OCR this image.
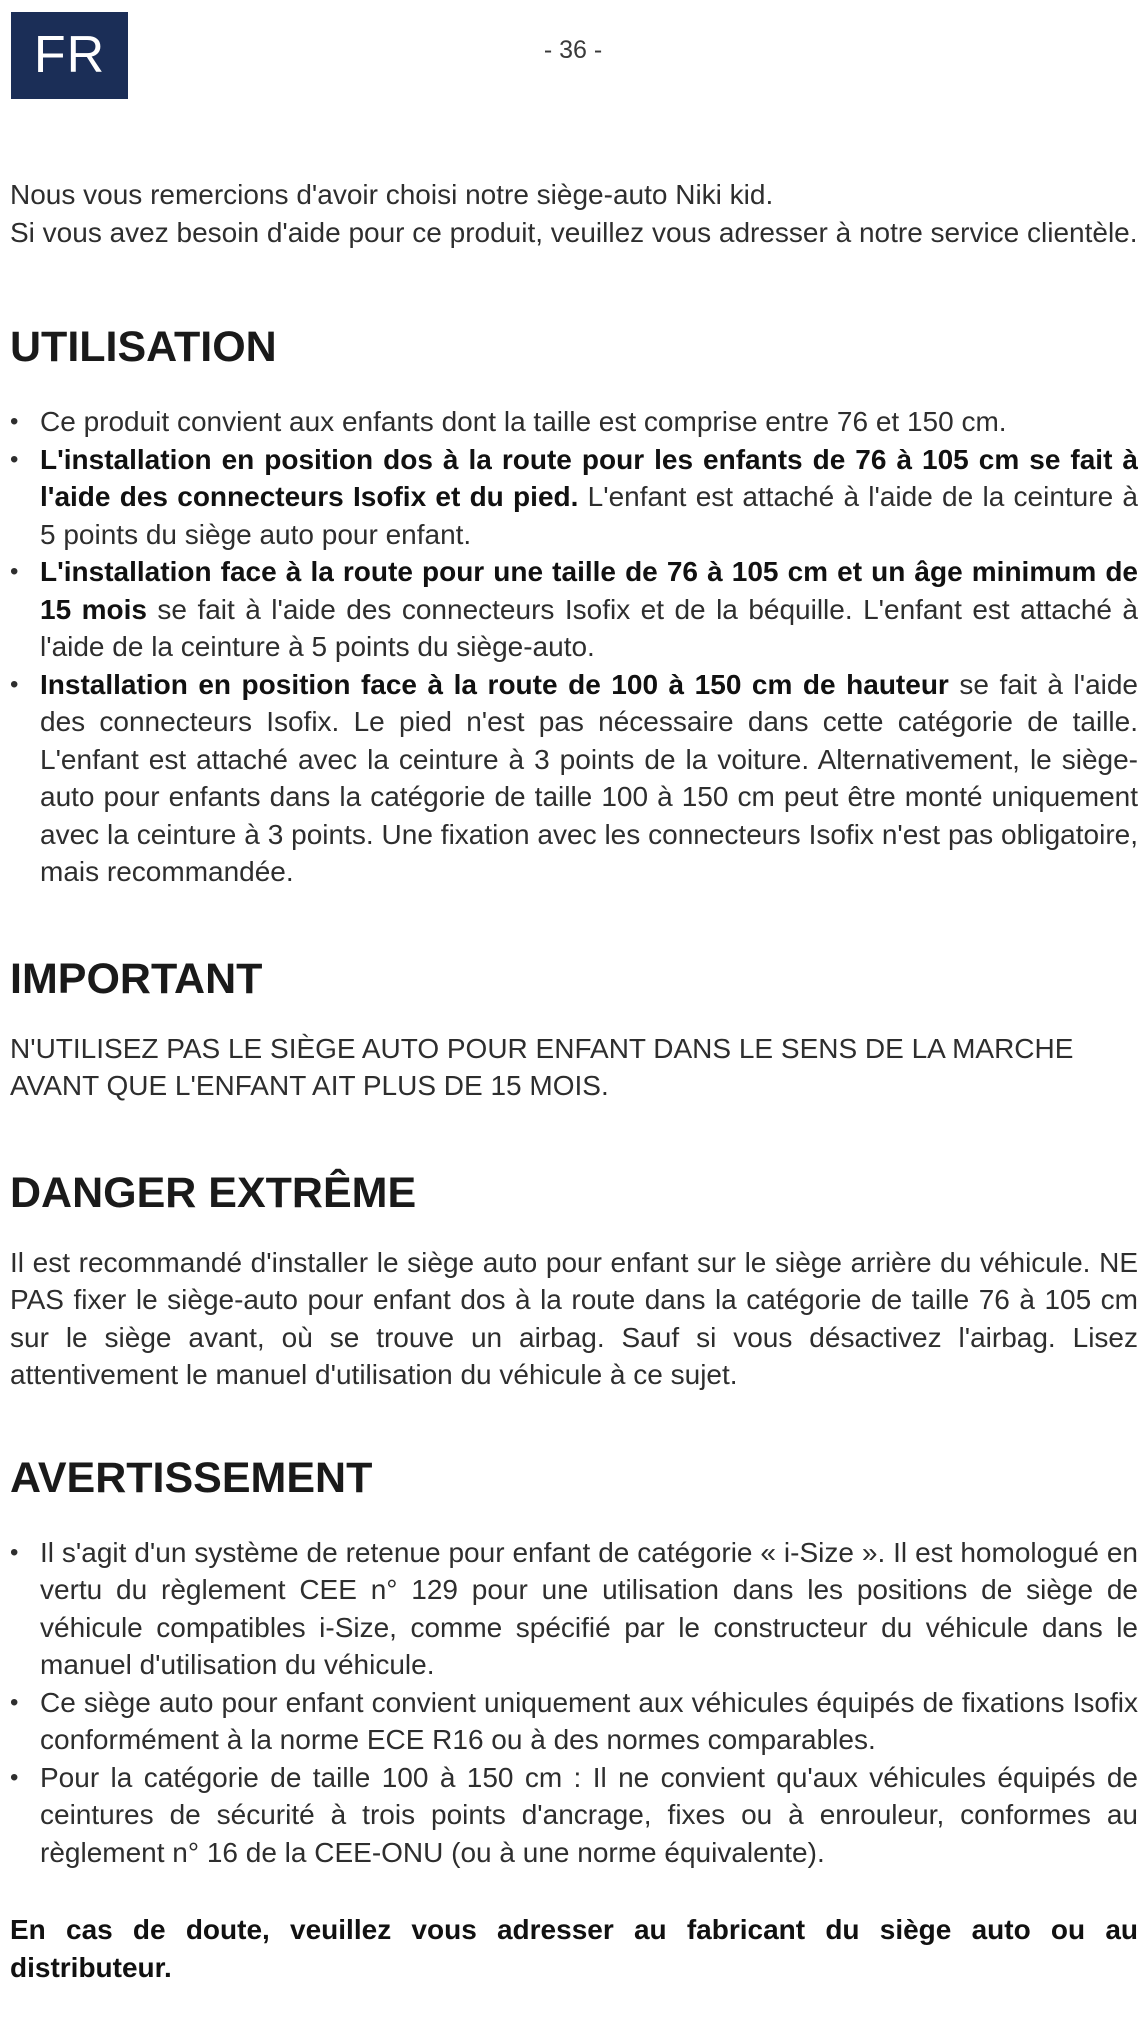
FR	- 36 -

Nous vous remercions d'avoir choisi notre siège-auto Niki kid.

Si vous avez besoin d'aide pour ce produit, veuillez vous adresser à notre service clientèle.

UTILISATION
• Ce produit convient aux enfants dont la taille est comprise entre 76 et 150 cm.
• L'installation en position dos à la route pour les enfants de 76 à 105 cm se fait à l'aide des connecteurs Isofix et du pied. L'enfant est attaché à l'aide de la ceinture à 5 points du siège auto pour enfant.
• L'installation face à la route pour une taille de 76 à 105 cm et un âge minimum de 15 mois se fait à l'aide des connecteurs Isofix et de la béquille. L'enfant est attaché à l'aide de la ceinture à 5 points du siège-auto.
• Installation en position face à la route de 100 à 150 cm de hauteur se fait à l'aide des connecteurs Isofix. Le pied n'est pas nécessaire dans cette catégorie de taille. L'enfant est attaché avec la ceinture à 3 points de la voiture. Alternativement, le siège-auto pour enfants dans la catégorie de taille 100 à 150 cm peut être monté uniquement avec la ceinture à 3 points. Une fixation avec les connecteurs Isofix n'est pas obligatoire, mais recommandée.
IMPORTANT

N'UTILISEZ PAS LE SIÈGE AUTO POUR ENFANT DANS LE SENS DE LA MARCHE AVANT QUE L'ENFANT AIT PLUS DE 15 MOIS.

DANGER EXTRÊME

Il est recommandé d'installer le siège auto pour enfant sur le siège arrière du véhicule. NE PAS fixer le siège-auto pour enfant dos à la route dans la catégorie de taille 76 à 105 cm sur le siège avant, où se trouve un airbag. Sauf si vous désactivez l'airbag. Lisez attentivement le manuel d'utilisation du véhicule à ce sujet.

AVERTISSEMENT
• Il s'agit d'un système de retenue pour enfant de catégorie « i-Size ». Il est homologué en vertu du règlement CEE n° 129 pour une utilisation dans les positions de siège de véhicule compatibles i-Size, comme spécifié par le constructeur du véhicule dans le manuel d'utilisation du véhicule.
• Ce siège auto pour enfant convient uniquement aux véhicules équipés de fixations Isofix conformément à la norme ECE R16 ou à des normes comparables.
• Pour la catégorie de taille 100 à 150 cm : Il ne convient qu'aux véhicules équipés de ceintures de sécurité à trois points d'ancrage, fixes ou à enrouleur, conformes au règlement n° 16 de la CEE-ONU (ou à une norme équivalente).

En cas de doute, veuillez vous adresser au fabricant du siège auto ou au distributeur.
